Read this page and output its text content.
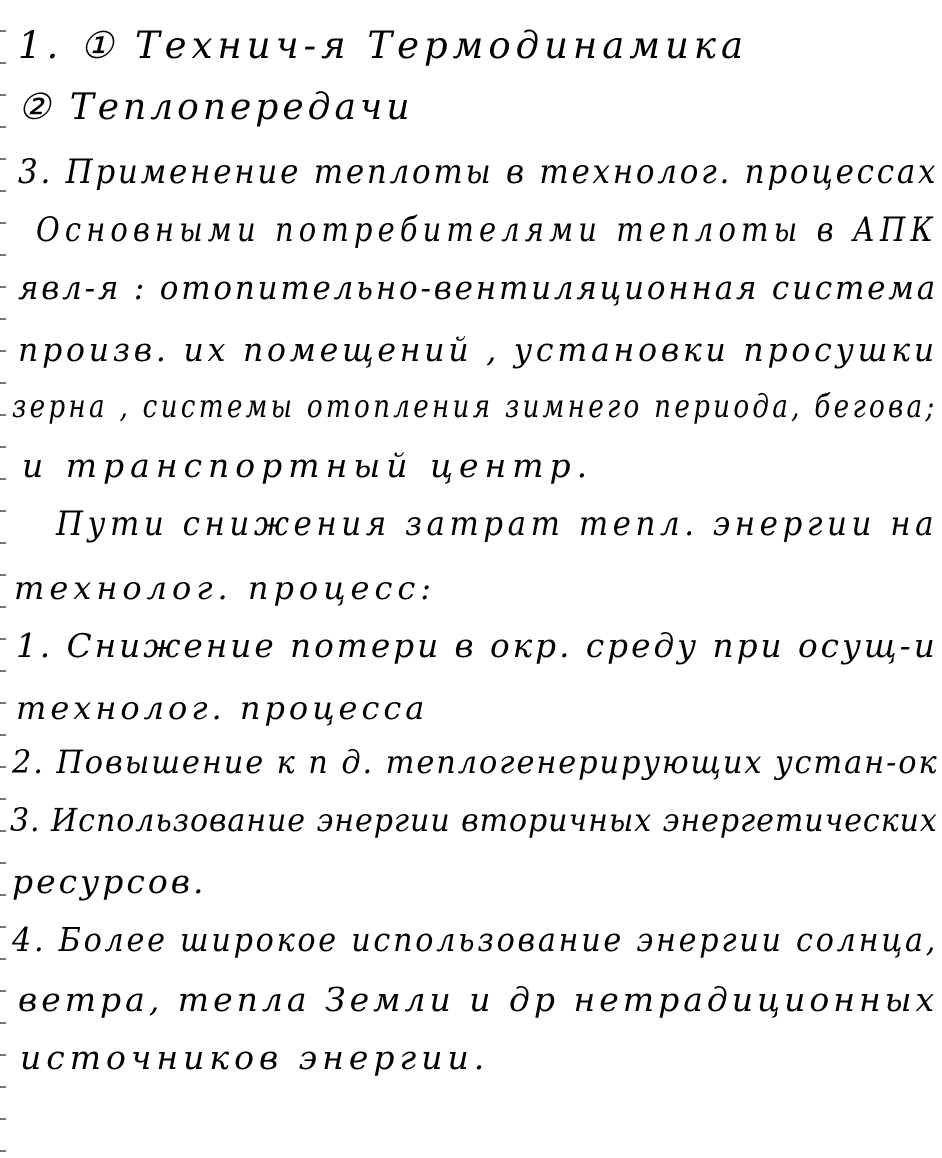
1. ① Технич-я Термодинамика
② Теплопередачи
3. Применение теплоты в технолог. процессах
Основными потребителями теплоты в АПК
явл-я : отопительно-вентиляционная система
произв. их помещений , установки просушки
зерна , системы отопления зимнего периода, бегова;
и транспортный центр.
Пути снижения затрат тепл. энергии на
технолог. процесс:
1. Снижение потери в окр. среду при осущ-и
технолог. процесса
2. Повышение к п д. теплогенерирующих устан-ок
3. Использование энергии вторичных энергетических
ресурсов.
4. Более широкое использование энергии солнца,
ветра, тепла Земли и др нетрадиционных
источников энергии.
